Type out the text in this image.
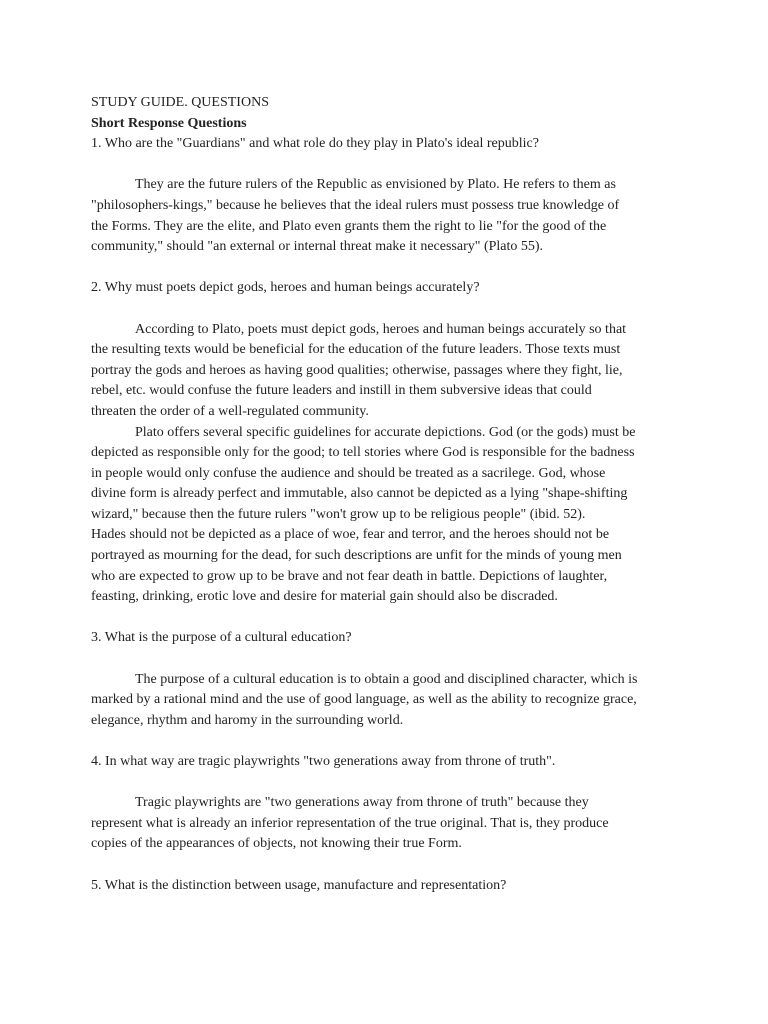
STUDY GUIDE. QUESTIONS
Short Response Questions
1. Who are the "Guardians" and what role do they play in Plato's ideal republic?
They are the future rulers of the Republic as envisioned by Plato. He refers to them as
"philosophers-kings," because he believes that the ideal rulers must possess true knowledge of
the Forms. They are the elite, and Plato even grants them the right to lie "for the good of the
community," should "an external or internal threat make it necessary" (Plato 55).
2. Why must poets depict gods, heroes and human beings accurately?
According to Plato, poets must depict gods, heroes and human beings accurately so that
the resulting texts would be beneficial for the education of the future leaders. Those texts must
portray the gods and heroes as having good qualities; otherwise, passages where they fight, lie,
rebel, etc. would confuse the future leaders and instill in them subversive ideas that could
threaten the order of a well-regulated community.
Plato offers several specific guidelines for accurate depictions. God (or the gods) must be
depicted as responsible only for the good; to tell stories where God is responsible for the badness
in people would only confuse the audience and should be treated as a sacrilege. God, whose
divine form is already perfect and immutable, also cannot be depicted as a lying "shape-shifting
wizard," because then the future rulers "won't grow up to be religious people" (ibid. 52).
Hades should not be depicted as a place of woe, fear and terror, and the heroes should not be
portrayed as mourning for the dead, for such descriptions are unfit for the minds of young men
who are expected to grow up to be brave and not fear death in battle. Depictions of laughter,
feasting, drinking, erotic love and desire for material gain should also be discraded.
3. What is the purpose of a cultural education?
The purpose of a cultural education is to obtain a good and disciplined character, which is
marked by a rational mind and the use of good language, as well as the ability to recognize grace,
elegance, rhythm and haromy in the surrounding world.
4. In what way are tragic playwrights "two generations away from throne of truth".
Tragic playwrights are "two generations away from throne of truth" because they
represent what is already an inferior representation of the true original. That is, they produce
copies of the appearances of objects, not knowing their true Form.
5. What is the distinction between usage, manufacture and representation?
